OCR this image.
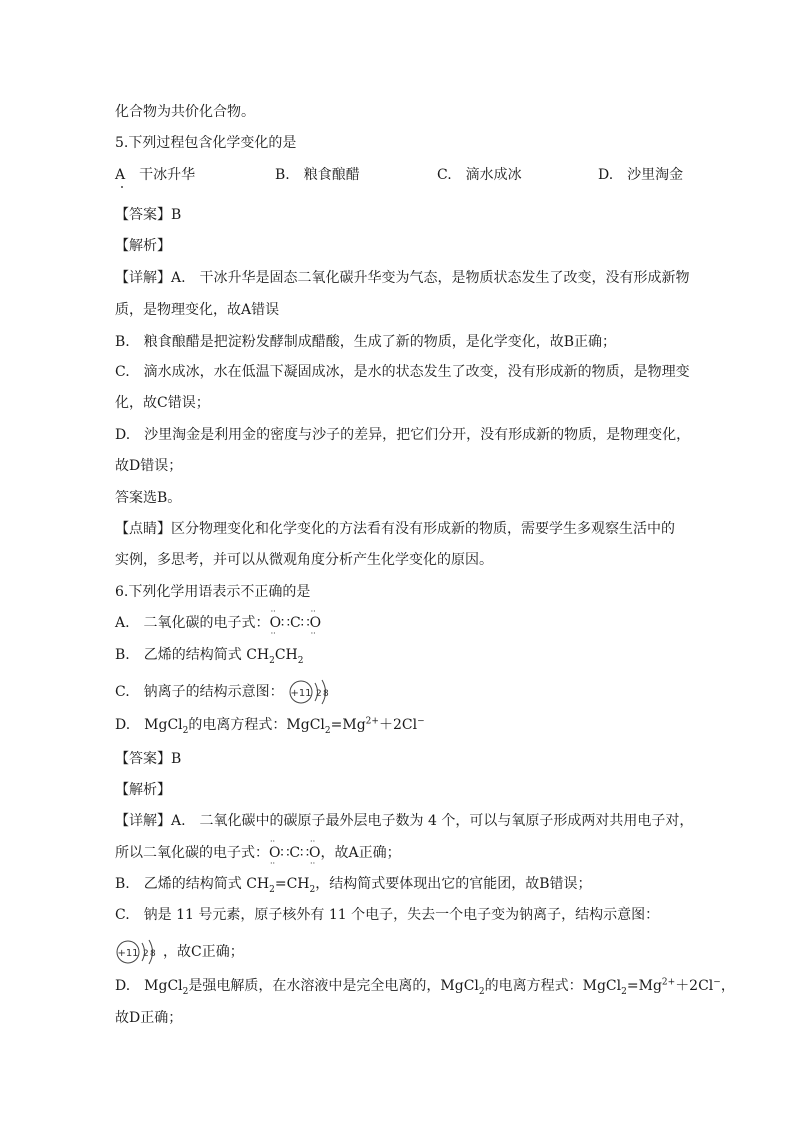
化合物为共价化合物。
5.下列过程包含化学变化的是
A　干冰升华	B.　粮食酿醋	C.　滴水成冰	D.　沙里淘金
【答案】B
【解析】
【详解】A.　干冰升华是固态二氧化碳升华变为气态，是物质状态发生了改变，没有形成新物
质，是物理变化，故A错误
B.　粮食酿醋是把淀粉发酵制成醋酸，生成了新的物质，是化学变化，故B正确；
C.　滴水成冰，水在低温下凝固成冰，是水的状态发生了改变，没有形成新的物质，是物理变
化，故C错误；
D.　沙里淘金是利用金的密度与沙子的差异，把它们分开，没有形成新的物质，是物理变化，
故D错误；
答案选B。
【点睛】区分物理变化和化学变化的方法看有没有形成新的物质，需要学生多观察生活中的
实例，多思考，并可以从微观角度分析产生化学变化的原因。
6.下列化学用语表示不正确的是
A.　二氧化碳的电子式：O
··
··
∷C∷O
··
··
B.　乙烯的结构简式 $CH_2CH_2$
C.　钠离子的结构示意图： +11 2 8
D.　MgCl$_2$的电离方程式：$MgCl_2=Mg^{2+}+2Cl^-$
【答案】B
【解析】
【详解】A.　二氧化碳中的碳原子最外层电子数为 4 个，可以与氧原子形成两对共用电子对，
所以二氧化碳的电子式：O
··
··
∷C∷O
··
··
，故A正确；
B.　乙烯的结构简式 $CH_2=CH_2$，结构简式要体现出它的官能团，故B错误；
C.　钠是 11 号元素，原子核外有 11 个电子，失去一个电子变为钠离子，结构示意图：
+11 2 8 ，故C正确；
D.　MgCl$_2$是强电解质，在水溶液中是完全电离的，MgCl$_2$的电离方程式：$MgCl_2=Mg^{2+}+2Cl^-$，
故D正确；
